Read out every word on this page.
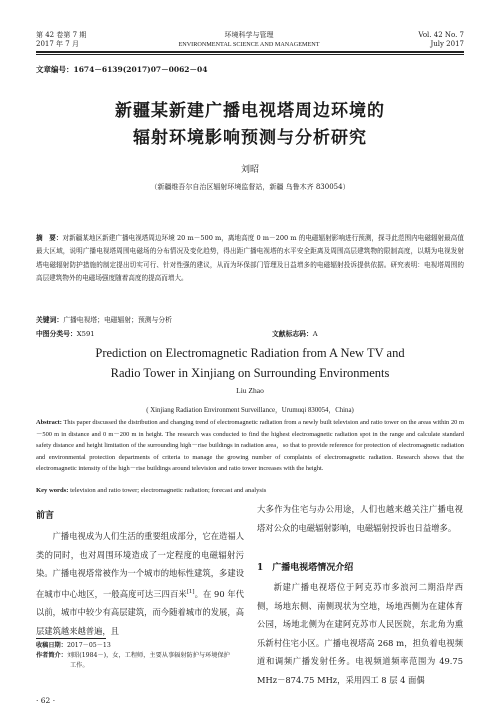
第 42 卷第 7 期
2017 年 7 月
环境科学与管理
ENVIRONMENTAL SCIENCE AND MANAGEMENT
Vol. 42 No. 7
July 2017
文章编号：1674－6139(2017)07－0062－04
新疆某新建广播电视塔周边环境的
辐射环境影响预测与分析研究
刘昭
（新疆维吾尔自治区辐射环境监督站，新疆 乌鲁木齐 830054）
摘　要：对新疆某地区新建广播电视塔周边环境 20 m－500 m，离地高度 0 m－200 m 的电磁辐射影响进行预测，探寻此范围内电磁辐射最高值最大区域，说明广播电视塔周围电磁场的分布情况及变化趋势，得出距广播电视塔的水平安全距离及周围高层建筑物的限制高度，以期为电视发射塔电磁辐射防护措施的制定提出切实可行、针对性强的建议，从而为环保部门管理及日益增多的电磁辐射投诉提供依据。研究表明：电视塔周围的高层建筑物外的电磁场强度随着高度的提高而增大。
关键词：广播电视塔；电磁辐射；预测与分析
中图分类号：X591	文献标志码：A
Prediction on Electromagnetic Radiation from A New TV and
Radio Tower in Xinjiang on Surrounding Environments
Liu Zhao
( Xinjiang Radiation Environment Surveillance，Urumuqi 830054，China)
Abstract: This paper discussed the distribution and changing trend of electromagnetic radiation from a newly built television and ratio tower on the areas within 20 m－500 m in distance and 0 m－200 m in height. The research was conducted to find the highest electromagnetic radiation spot in the range and calculate standard safety distance and height limitation of the surrounding high－rise buildings in radiation area，so that to provide reference for protection of electromagnetic radiation and environmental protection departments of criteria to manage the growing number of complaints of electromagnetic radiation. Research shows that the electromagnetic intensity of the high－rise buildings around television and ratio tower increases with the height.
Key words: television and ratio tower; electromagnetic radiation; forecast and analysis
前言

广播电视成为人们生活的重要组成部分，它在造福人类的同时，也对周围环境造成了一定程度的电磁辐射污染。广播电视塔常被作为一个城市的地标性建筑，多建设在城市中心地区，一般高度可达三四百米[1]。在 90 年代以前，城市中较少有高层建筑，而今随着城市的发展，高层建筑越来越普遍，且

收稿日期：2017－05－13
作者简介：刘昭(1984－)，女，工程师，主要从事辐射防护与环境保护
工作。
· 62 ·

大多作为住宅与办公用途，人们也越来越关注广播电视塔对公众的电磁辐射影响，电磁辐射投诉也日益增多。

1　广播电视塔情况介绍

新建广播电视塔位于阿克苏市多浪河二期沿岸西侧，场地东侧、南侧现状为空地，场地西侧为在建体育公园，场地北侧为在建阿克苏市人民医院，东北角为熏乐新村住宅小区。广播电视塔高 268 m，担负着电视频道和调频广播发射任务。电视频道频率范围为 49.75 MHz－874.75 MHz，采用四工 8 层 4 面偶
